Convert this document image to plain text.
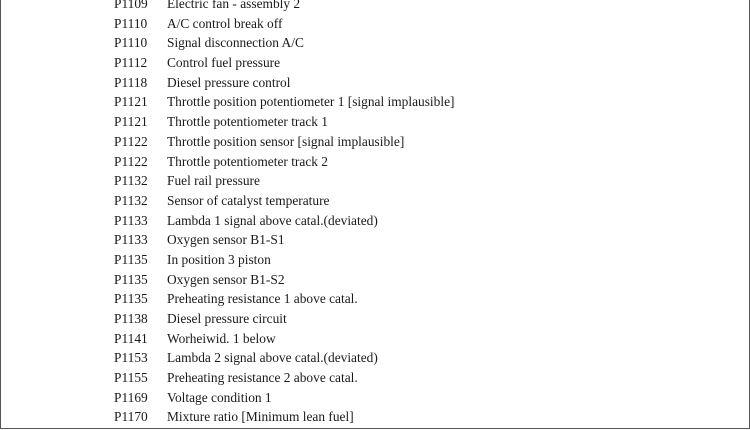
P1109 Electric fan - assembly 2
P1110 A/C control break off
P1110 Signal disconnection A/C
P1112 Control fuel pressure
P1118 Diesel pressure control
P1121 Throttle position potentiometer 1 [signal implausible]
P1121 Throttle potentiometer track 1
P1122 Throttle position sensor [signal implausible]
P1122 Throttle potentiometer track 2
P1132 Fuel rail pressure
P1132 Sensor of catalyst temperature
P1133 Lambda 1 signal above catal.(deviated)
P1133 Oxygen sensor B1-S1
P1135 In position 3 piston
P1135 Oxygen sensor B1-S2
P1135 Preheating resistance 1 above catal.
P1138 Diesel pressure circuit
P1141 Worheiwid. 1 below
P1153 Lambda 2 signal above catal.(deviated)
P1155 Preheating resistance 2 above catal.
P1169 Voltage condition 1
P1170 Mixture ratio [Minimum lean fuel]
